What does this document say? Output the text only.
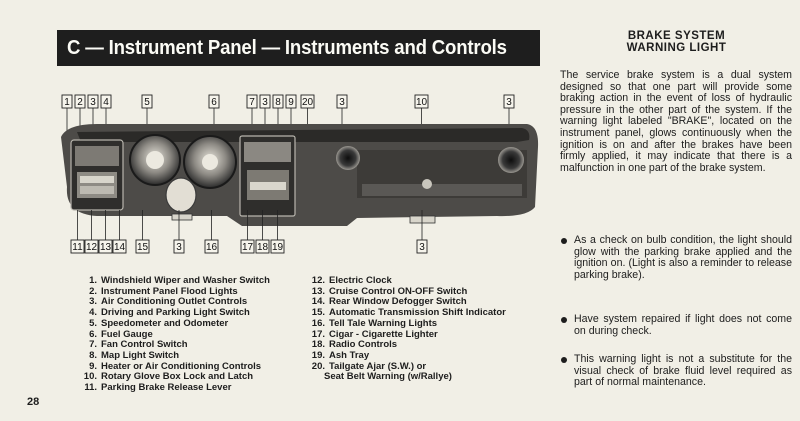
C — Instrument Panel — Instruments and Controls
1 2 3 4	5	6	7 3 8 9 20	3	10	3
11 12 13 14 15	3 16 17 18 19	3
1. Windshield Wiper and Washer Switch
2. Instrument Panel Flood Lights
3. Air Conditioning Outlet Controls
4. Driving and Parking Light Switch
5. Speedometer and Odometer
6. Fuel Gauge
7. Fan Control Switch
8. Map Light Switch
9. Heater or Air Conditioning Controls
10. Rotary Glove Box Lock and Latch
11. Parking Brake Release Lever
12. Electric Clock
13. Cruise Control ON-OFF Switch
14. Rear Window Defogger Switch
15. Automatic Transmission Shift Indicator
16. Tell Tale Warning Lights
17. Cigar - Cigarette Lighter
18. Radio Controls
19. Ash Tray
20. Tailgate Ajar (S.W.) or
Seat Belt Warning (w/Rallye)
BRAKE SYSTEM
WARNING LIGHT
The service brake system is a dual system designed so that one part will provide some braking action in the event of loss of hydraulic pressure in the other part of the system. If the warning light labeled "BRAKE", located on the instrument panel, glows continuously when the ignition is on and after the brakes have been firmly applied, it may indicate that there is a malfunction in one part of the brake system.
As a check on bulb condition, the light should glow with the parking brake applied and the ignition on. (Light is also a reminder to release parking brake).
Have system repaired if light does not come on during check.
This warning light is not a substitute for the visual check of brake fluid level required as part of normal maintenance.
28
